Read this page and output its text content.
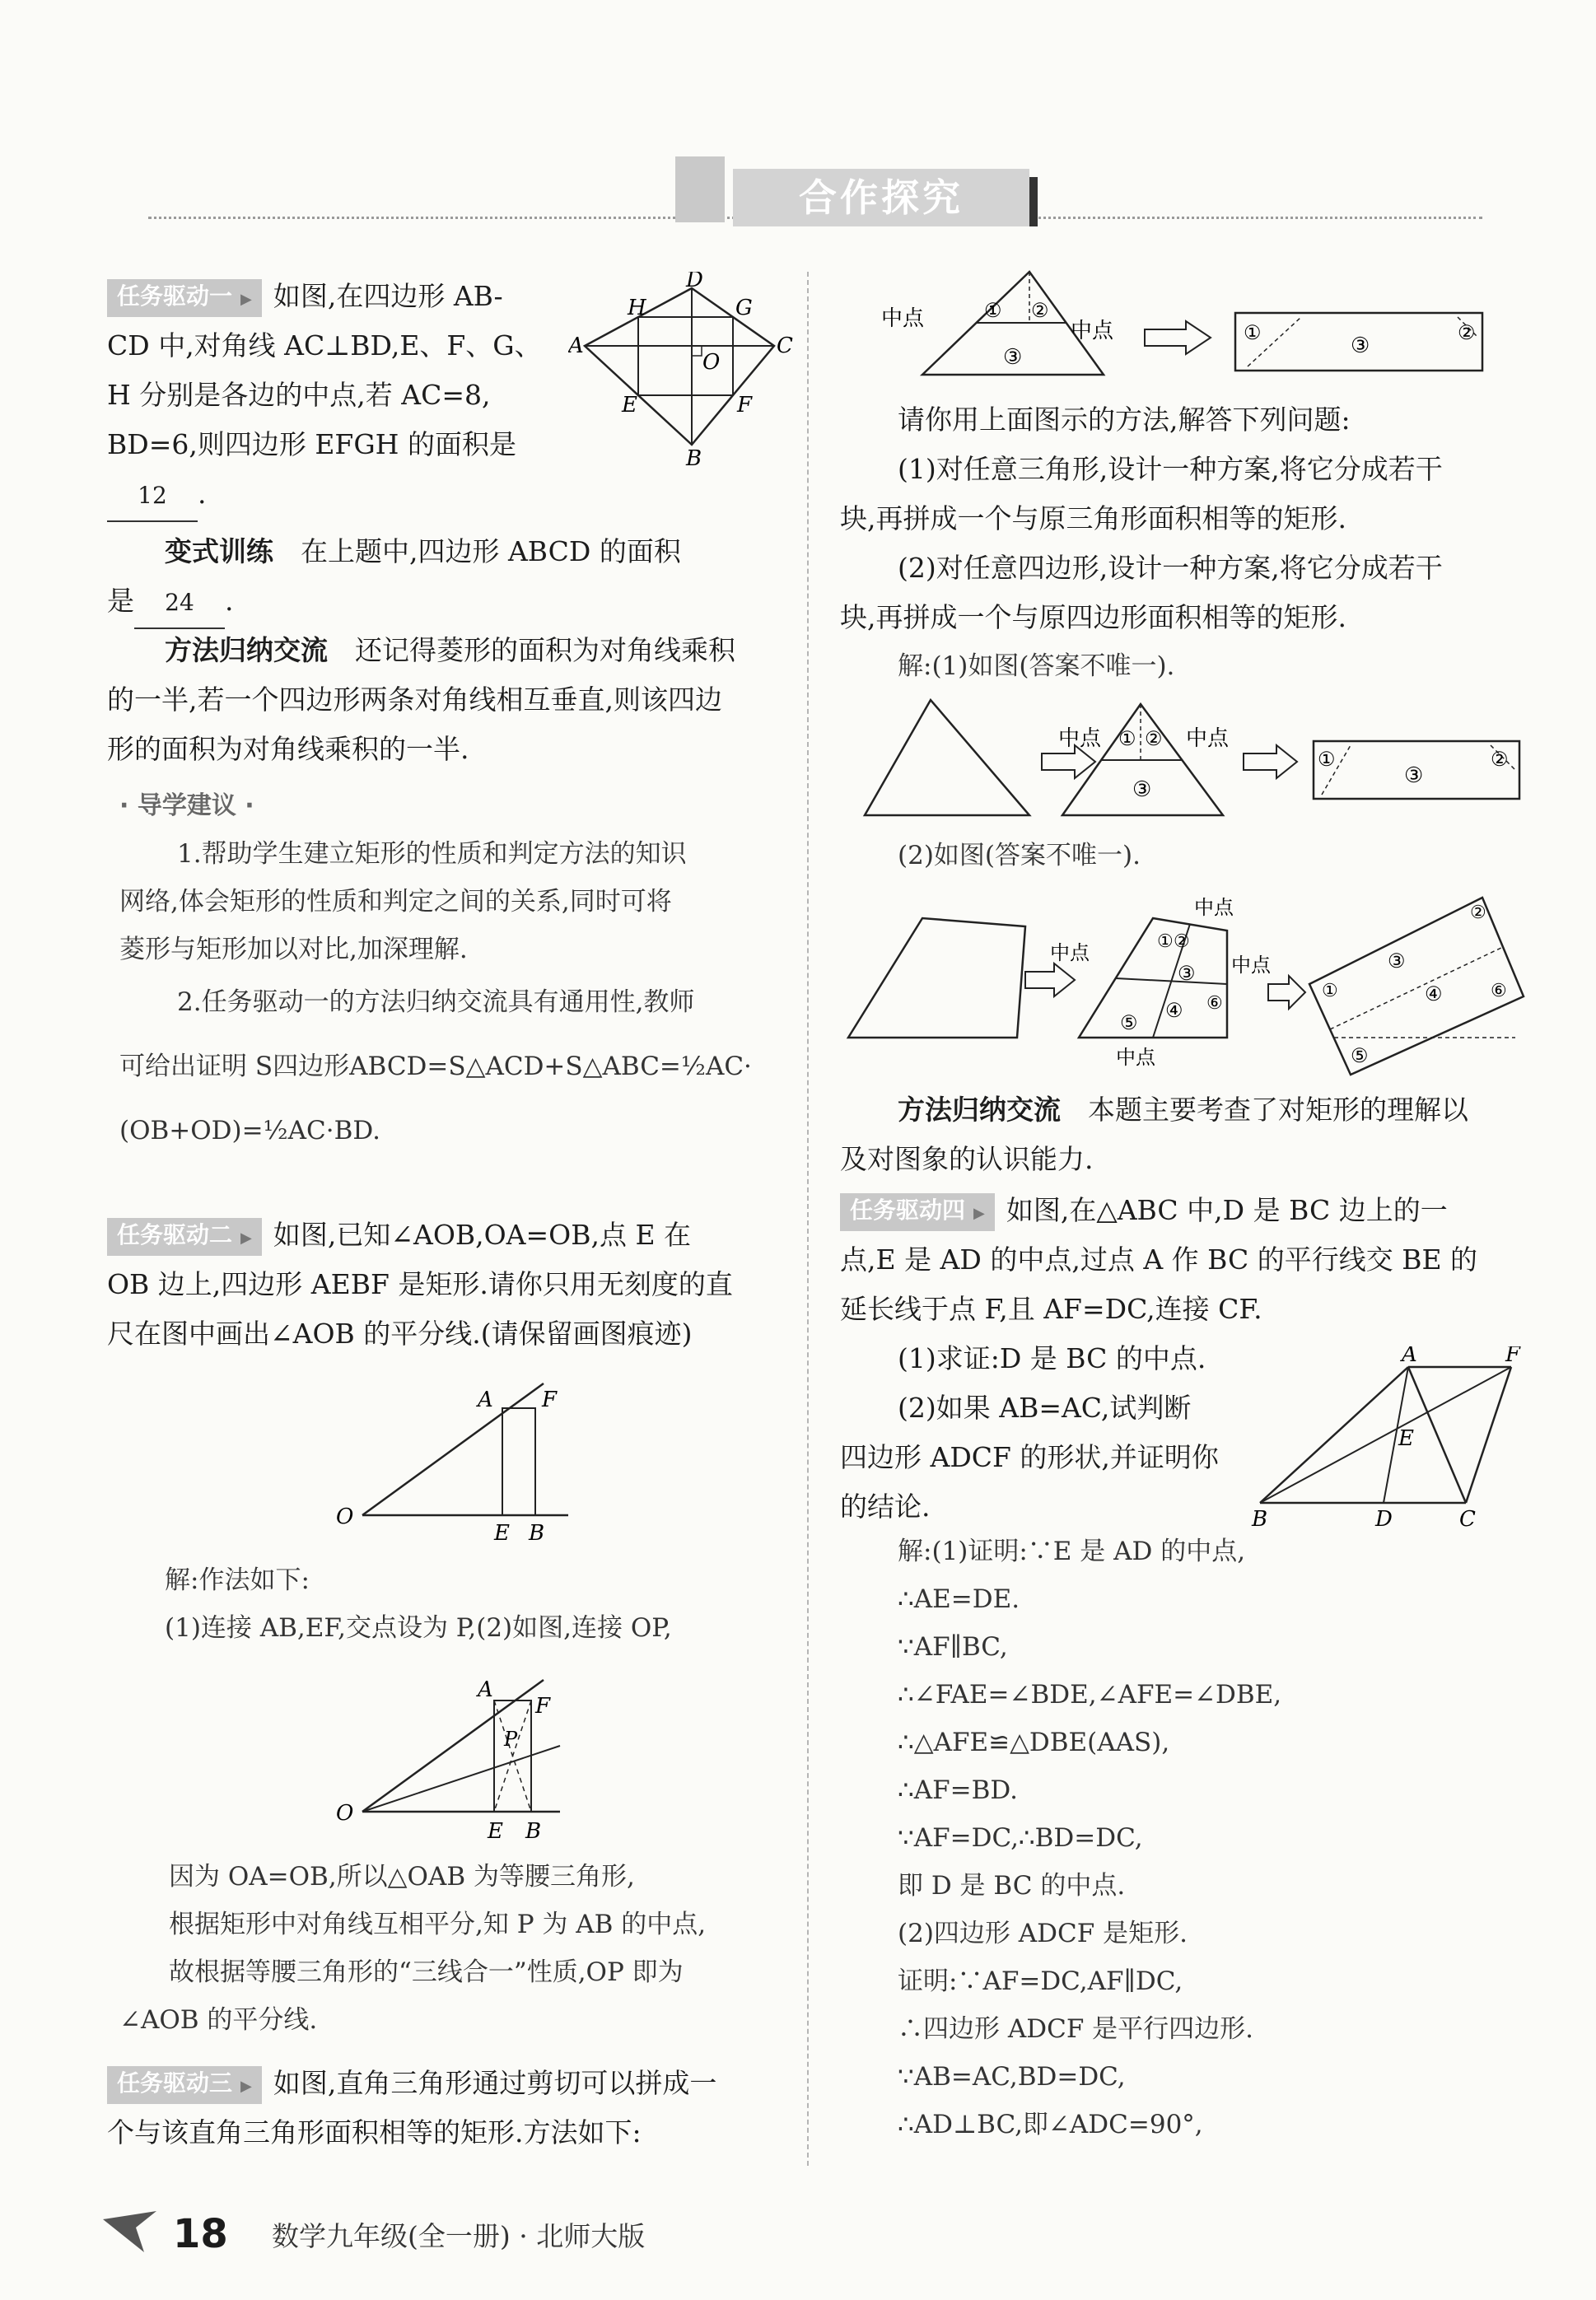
合作探究
任务驱动一 ▶ 如图,在四边形 AB-
CD 中,对角线 AC⊥BD,E、F、G、
H 分别是各边的中点,若 AC=8,
BD=6,则四边形 EFGH 的面积是
12 .
D
H	G
A	C
O
E	F
B
变式训练　 在上题中,四边形 ABCD 的面积
是 24 .
方法归纳交流　 还记得菱形的面积为对角线乘积
的一半,若一个四边形两条对角线相互垂直,则该四边
形的面积为对角线乘积的一半.
· 导学建议 ·
1.帮助学生建立矩形的性质和判定方法的知识
网络,体会矩形的性质和判定之间的关系,同时可将
菱形与矩形加以对比,加深理解.
2.任务驱动一的方法归纳交流具有通用性,教师
可给出证明 S四边形ABCD=S△ACD+S△ABC=½AC·
(OB+OD)=½AC·BD.
任务驱动二 ▶ 如图,已知∠AOB,OA=OB,点 E 在
OB 边上,四边形 AEBF 是矩形.请你只用无刻度的直
尺在图中画出∠AOB 的平分线.(请保留画图痕迹)
O
A F
E B
解:作法如下:
(1)连接 AB,EF,交点设为 P,(2)如图,连接 OP,
O
A
F
P
E B
因为 OA=OB,所以△OAB 为等腰三角形,
根据矩形中对角线互相平分,知 P 为 AB 的中点,
故根据等腰三角形的“三线合一”性质,OP 即为
∠AOB 的平分线.
任务驱动三 ▶ 如图,直角三角形通过剪切可以拼成一
个与该直角三角形面积相等的矩形.方法如下:
中点	中点
① ②
③
①
③
②
请你用上面图示的方法,解答下列问题:
(1)对任意三角形,设计一种方案,将它分成若干
块,再拼成一个与原三角形面积相等的矩形.
(2)对任意四边形,设计一种方案,将它分成若干
块,再拼成一个与原四边形面积相等的矩形.
解:(1)如图(答案不唯一).
中点	中点
① ②
③
①
③
②
(2)如图(答案不唯一).
中点
中点
中点
中点
① ②
③
④
⑤
⑥
①
②
③
④
⑤
⑥
方法归纳交流　 本题主要考查了对矩形的理解以
及对图象的认识能力.
任务驱动四 ▶ 如图,在△ABC 中,D 是 BC 边上的一
点,E 是 AD 的中点,过点 A 作 BC 的平行线交 BE 的
延长线于点 F,且 AF=DC,连接 CF.
(1)求证:D 是 BC 的中点.
(2)如果 AB=AC,试判断
四边形 ADCF 的形状,并证明你
的结论.
A	F
E
B	D	C
解:(1)证明:∵E 是 AD 的中点,
∴AE=DE.
∵AF∥BC,
∴∠FAE=∠BDE,∠AFE=∠DBE,
∴△AFE≌△DBE(AAS),
∴AF=BD.
∵AF=DC,∴BD=DC,
即 D 是 BC 的中点.
(2)四边形 ADCF 是矩形.
证明:∵AF=DC,AF∥DC,
∴四边形 ADCF 是平行四边形.
∵AB=AC,BD=DC,
∴AD⊥BC,即∠ADC=90°,
18 数学九年级(全一册) · 北师大版
